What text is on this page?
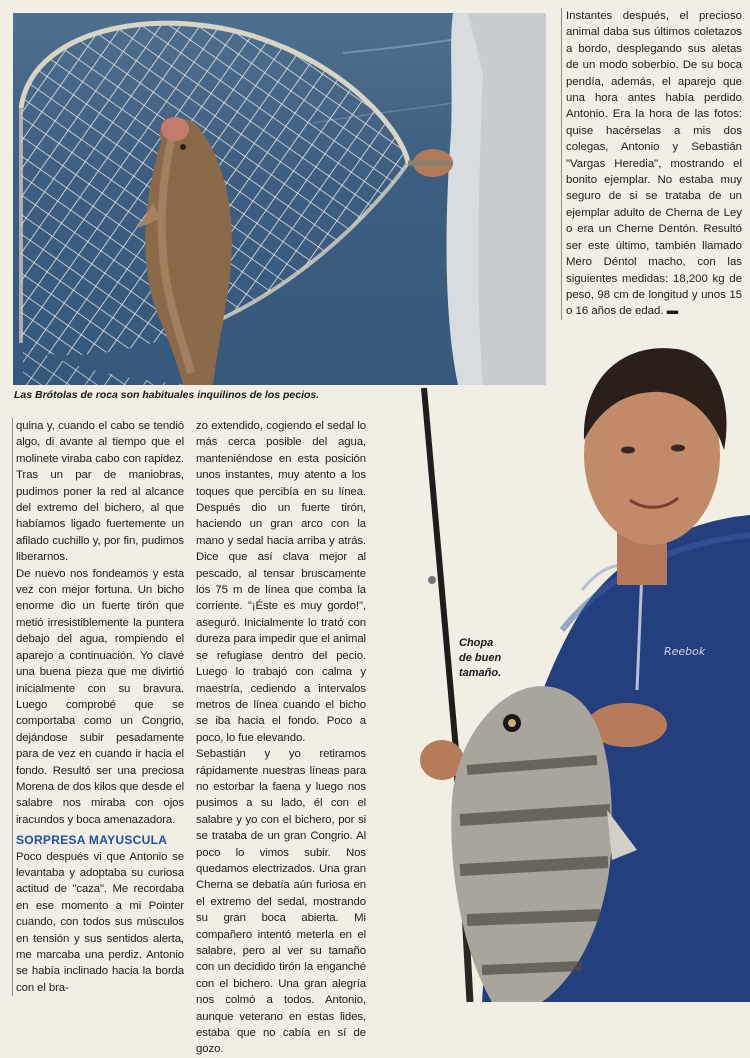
Las Brótolas de roca son habituales inquilinos de los pecios.
Instantes después, el precioso animal daba sus últimos coletazos a bordo, desplegando sus aletas de un modo soberbio. De su boca pendía, además, el aparejo que una hora antes había perdido Antonio. Era la hora de las fotos: quise hacérselas a mis dos colegas, Antonio y Sebastián "Vargas Heredia", mostrando el bonito ejemplar. No estaba muy seguro de si se trataba de un ejemplar adulto de Cherna de Ley o era un Cherne Dentón. Resultó ser este último, también llamado Mero Déntol macho, con las siguientes medidas: 18,200 kg de peso, 98 cm de longitud y unos 15 o 16 años de edad. ▬
Reebok
Chopa
de buen
tamaño.

quina y, cuando el cabo se tendió algo, di avante al tiempo que el molinete viraba cabo con rapidez. Tras un par de maniobras, pudimos poner la red al alcance del extremo del bichero, al que habíamos ligado fuertemente un afilado cuchillo y, por fin, pudimos liberarnos.

De nuevo nos fondeamos y esta vez con mejor fortuna. Un bicho enorme dio un fuerte tirón que metió irresistiblemente la puntera debajo del agua, rompiendo el aparejo a continuación. Yo clavé una buena pieza que me divirtió inicialmente con su bravura. Luego comprobé que se comportaba como un Congrio, dejándose subir pesadamente para de vez en cuando ir hacia el fondo. Resultó ser una preciosa Morena de dos kilos que desde el salabre nos miraba con ojos iracundos y boca amenazadora.

SORPRESA MAYUSCULA

Poco después vi que Antonio se levantaba y adoptaba su curiosa actitud de "caza". Me recordaba en ese momento a mi Pointer cuando, con todos sus músculos en tensión y sus sentidos alerta, me marcaba una perdiz. Antonio se había inclinado hacia la borda con el bra-

zo extendido, cogiendo el sedal lo más cerca posible del agua, manteniéndose en esta posición unos instantes, muy atento a los toques que percibía en su línea. Después dio un fuerte tirón, haciendo un gran arco con la mano y sedal hacia arriba y atrás. Dice que así clava mejor al pescado, al tensar bruscamente los 75 m de línea que comba la corriente. "¡Éste es muy gordo!", aseguró. Inicialmente lo trató con dureza para impedir que el animal se refugiase dentro del pecio. Luego lo trabajó con calma y maestría, cediendo a intervalos metros de línea cuando el bicho se iba hacia el fondo. Poco a poco, lo fue elevando.

Sebastián y yo retiramos rápidamente nuestras líneas para no estorbar la faena y luego nos pusimos a su lado, él con el salabre y yo con el bichero, por si se trataba de un gran Congrio. Al poco lo vimos subir. Nos quedamos electrizados. Una gran Cherna se debatía aún furiosa en el extremo del sedal, mostrando su gran boca abierta. Mi compañero intentó meterla en el salabre, pero al ver su tamaño con un decidido tirón la enganché con el bichero. Una gran alegría nos colmó a todos. Antonio, aunque veterano en estas lides, estaba que no cabía en sí de gozo.
